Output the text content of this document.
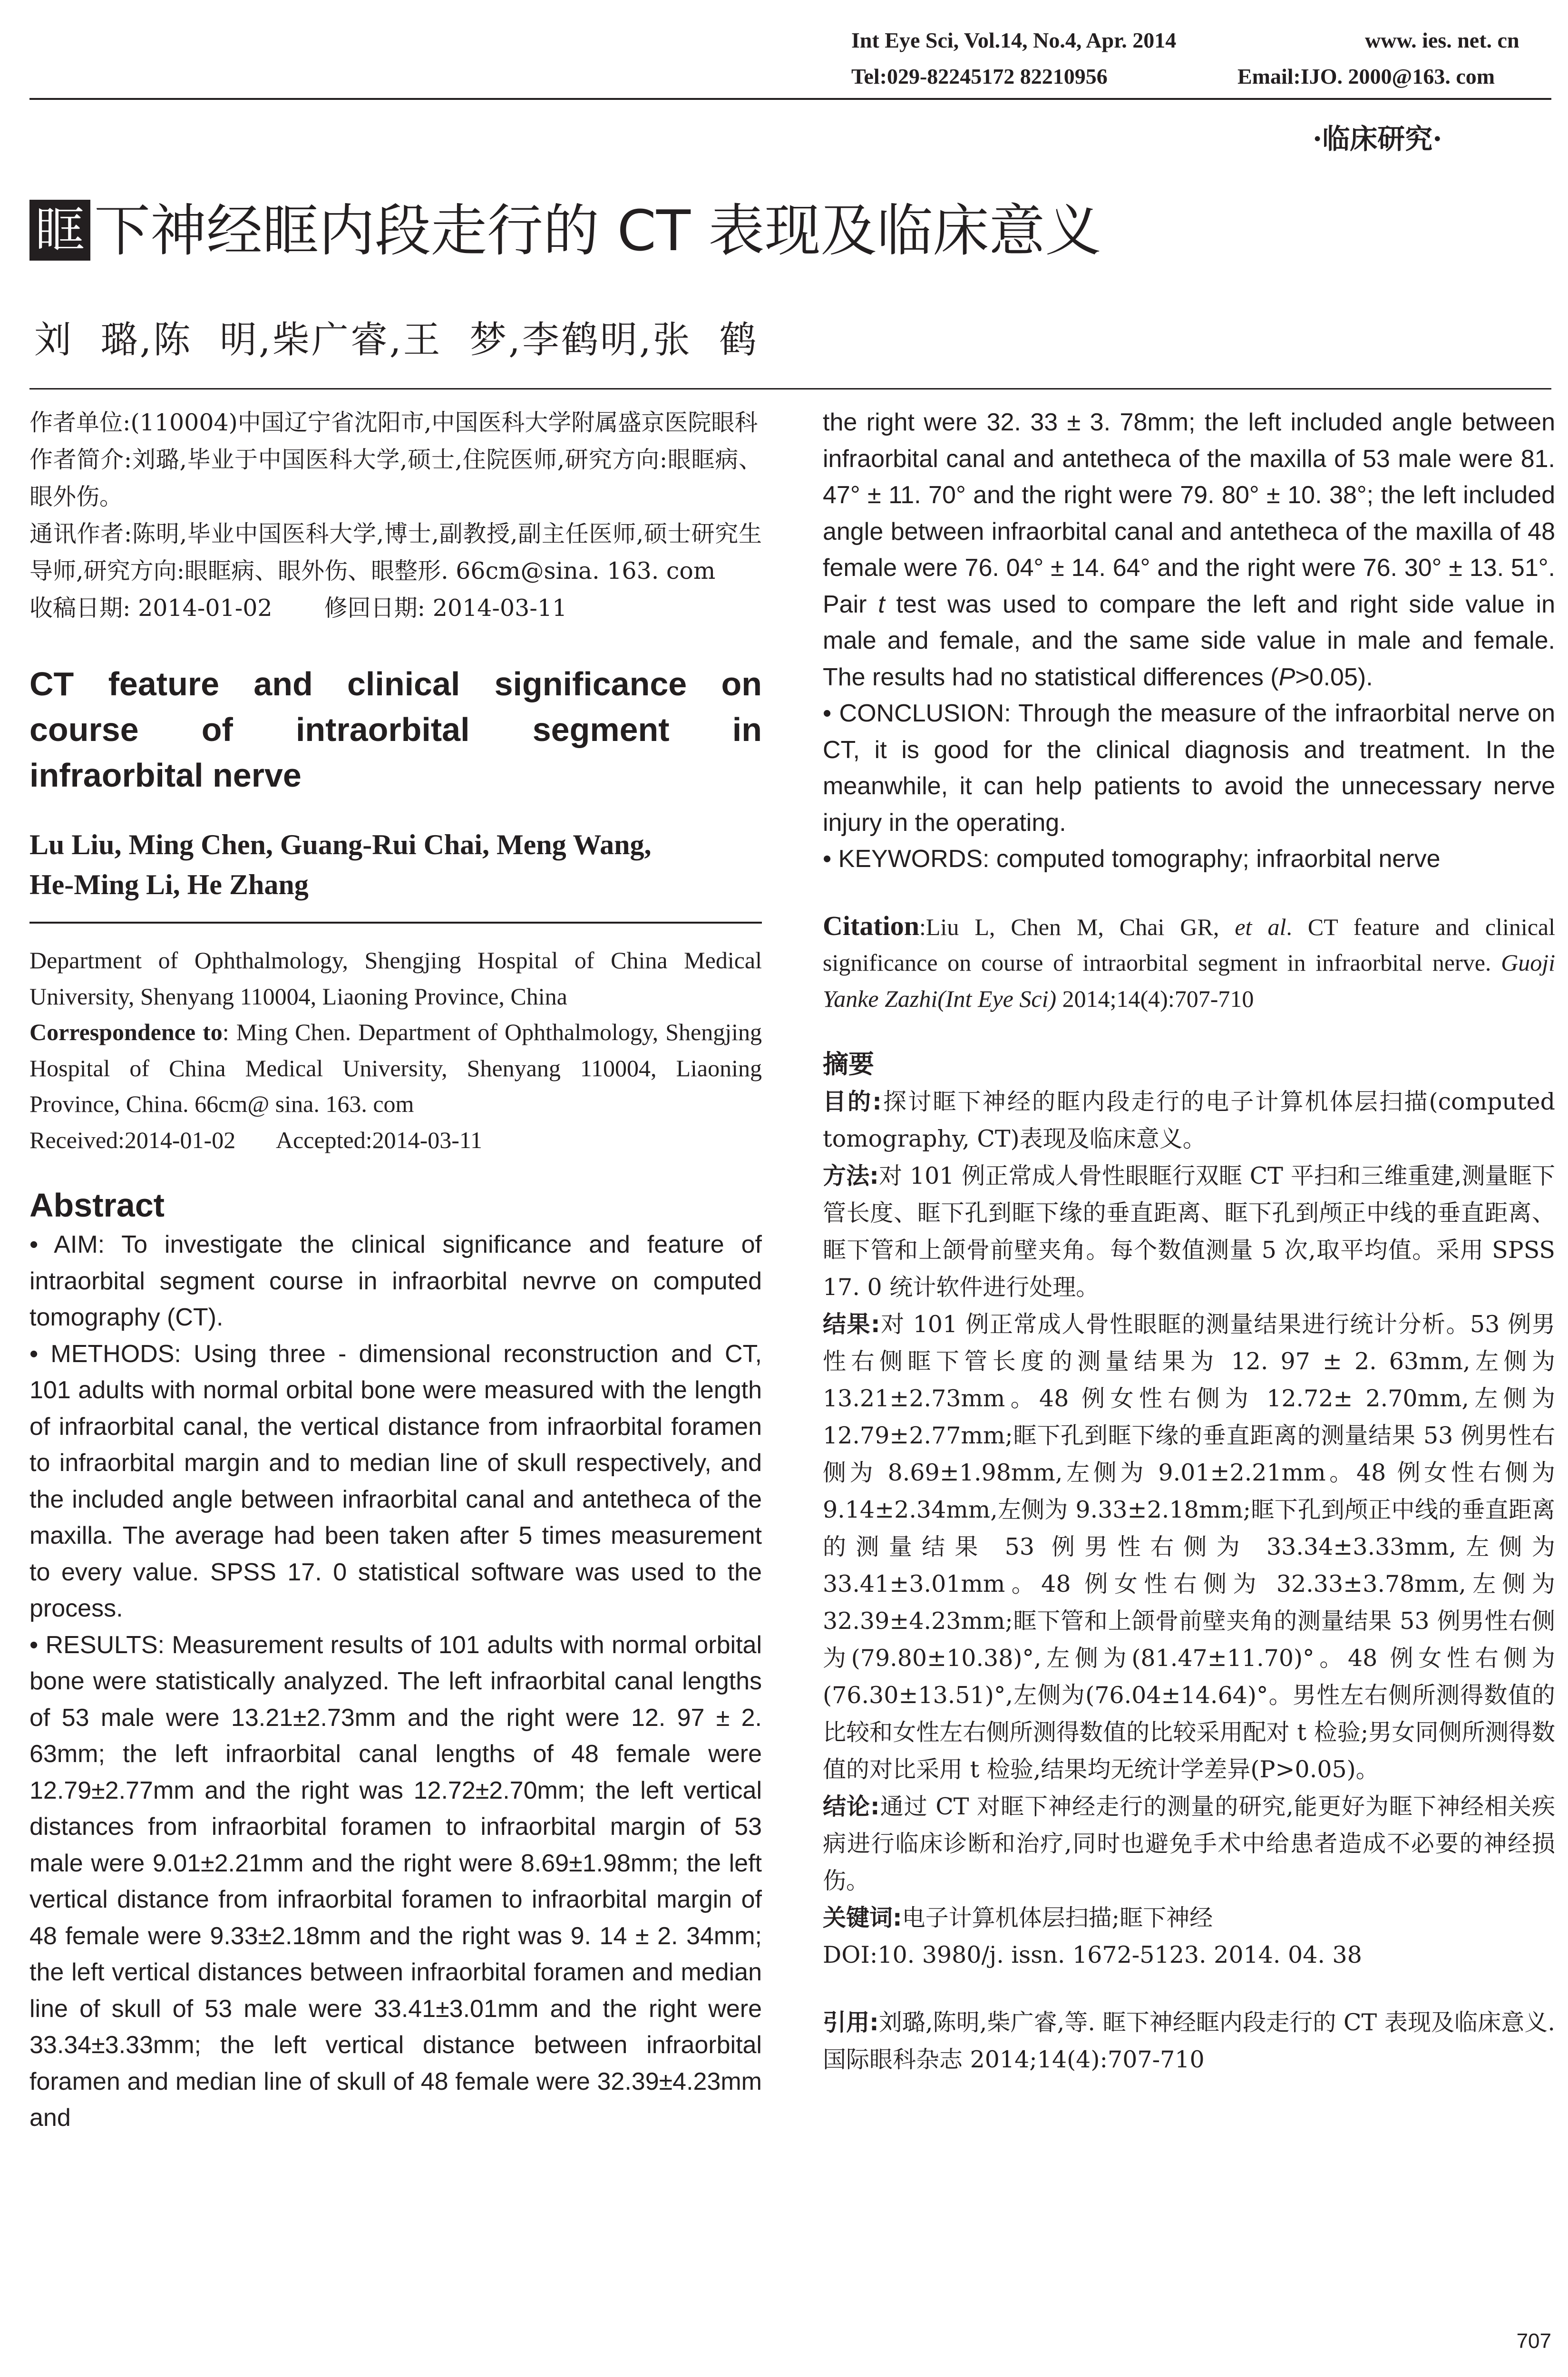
Int Eye Sci, Vol.14, No.4, Apr. 2014	www. ies. net. cn
Tel:029-82245172 82210956	Email:IJO. 2000@163. com
·临床研究·
眶 下神经眶内段走行的 CT 表现及临床意义
刘  璐,陈  明,柴广睿,王  梦,李鹤明,张  鹤

作者单位:(110004)中国辽宁省沈阳市,中国医科大学附属盛京医院眼科

作者简介:刘璐,毕业于中国医科大学,硕士,住院医师,研究方向:眼眶病、眼外伤。

通讯作者:陈明,毕业中国医科大学,博士,副教授,副主任医师,硕士研究生导师,研究方向:眼眶病、眼外伤、眼整形. 66cm@sina. 163. com

收稿日期: 2014-01-02       修回日期: 2014-03-11

CT feature and clinical significance on

course of intraorbital segment in

infraorbital nerve

Lu Liu, Ming Chen, Guang-Rui Chai, Meng Wang,

He-Ming Li, He Zhang

Department of Ophthalmology, Shengjing Hospital of China Medical University, Shenyang 110004, Liaoning Province, China

Correspondence to: Ming Chen. Department of Ophthalmology, Shengjing Hospital of China Medical University, Shenyang 110004, Liaoning Province, China. 66cm@ sina. 163. com

Received:2014-01-02       Accepted:2014-03-11

Abstract

• AIM: To investigate the clinical significance and feature of intraorbital segment course in infraorbital nevrve on computed tomography (CT).

• METHODS: Using three - dimensional reconstruction and CT, 101 adults with normal orbital bone were measured with the length of infraorbital canal, the vertical distance from infraorbital foramen to infraorbital margin and to median line of skull respectively, and the included angle between infraorbital canal and antetheca of the maxilla. The average had been taken after 5 times measurement to every value. SPSS 17. 0 statistical software was used to the process.

• RESULTS: Measurement results of 101 adults with normal orbital bone were statistically analyzed. The left infraorbital canal lengths of 53 male were 13.21±2.73mm and the right were 12. 97 ± 2. 63mm; the left infraorbital canal lengths of 48 female were 12.79±2.77mm and the right was 12.72±2.70mm; the left vertical distances from infraorbital foramen to infraorbital margin of 53 male were 9.01±2.21mm and the right were 8.69±1.98mm; the left vertical distance from infraorbital foramen to infraorbital margin of 48 female were 9.33±2.18mm and the right was 9. 14 ± 2. 34mm; the left vertical distances between infraorbital foramen and median line of skull of 53 male were 33.41±3.01mm and the right were 33.34±3.33mm; the left vertical distance between infraorbital foramen and median line of skull of 48 female were 32.39±4.23mm and

the right were 32. 33 ± 3. 78mm; the left included angle between infraorbital canal and antetheca of the maxilla of 53 male were 81. 47° ± 11. 70° and the right were 79. 80° ± 10. 38°; the left included angle between infraorbital canal and antetheca of the maxilla of 48 female were 76. 04° ± 14. 64° and the right were 76. 30° ± 13. 51°. Pair t test was used to compare the left and right side value in male and female, and the same side value in male and female. The results had no statistical differences (P>0.05).

• CONCLUSION: Through the measure of the infraorbital nerve on CT, it is good for the clinical diagnosis and treatment. In the meanwhile, it can help patients to avoid the unnecessary nerve injury in the operating.

• KEYWORDS: computed tomography; infraorbital nerve

Citation:Liu L, Chen M, Chai GR, et al. CT feature and clinical significance on course of intraorbital segment in infraorbital nerve. Guoji Yanke Zazhi(Int Eye Sci) 2014;14(4):707-710

摘要

目的:探讨眶下神经的眶内段走行的电子计算机体层扫描(computed tomography, CT)表现及临床意义。

方法:对 101 例正常成人骨性眼眶行双眶 CT 平扫和三维重建,测量眶下管长度、眶下孔到眶下缘的垂直距离、眶下孔到颅正中线的垂直距离、眶下管和上颌骨前壁夹角。每个数值测量 5 次,取平均值。采用 SPSS 17. 0 统计软件进行处理。

结果:对 101 例正常成人骨性眼眶的测量结果进行统计分析。53 例男性右侧眶下管长度的测量结果为 12. 97 ± 2. 63mm,左侧为 13.21±2.73mm。48 例女性右侧为 12.72± 2.70mm,左侧为 12.79±2.77mm;眶下孔到眶下缘的垂直距离的测量结果 53 例男性右侧为 8.69±1.98mm,左侧为 9.01±2.21mm。48 例女性右侧为 9.14±2.34mm,左侧为 9.33±2.18mm;眶下孔到颅正中线的垂直距离的测量结果 53 例男性右侧为 33.34±3.33mm,左侧为 33.41±3.01mm。48 例女性右侧为 32.33±3.78mm,左侧为 32.39±4.23mm;眶下管和上颌骨前壁夹角的测量结果 53 例男性右侧为(79.80±10.38)°,左侧为(81.47±11.70)°。48 例女性右侧为(76.30±13.51)°,左侧为(76.04±14.64)°。男性左右侧所测得数值的比较和女性左右侧所测得数值的比较采用配对 t 检验;男女同侧所测得数值的对比采用 t 检验,结果均无统计学差异(P>0.05)。

结论:通过 CT 对眶下神经走行的测量的研究,能更好为眶下神经相关疾病进行临床诊断和治疗,同时也避免手术中给患者造成不必要的神经损伤。

关键词:电子计算机体层扫描;眶下神经

DOI:10. 3980/j. issn. 1672-5123. 2014. 04. 38

引用:刘璐,陈明,柴广睿,等. 眶下神经眶内段走行的 CT 表现及临床意义. 国际眼科杂志 2014;14(4):707-710

707
